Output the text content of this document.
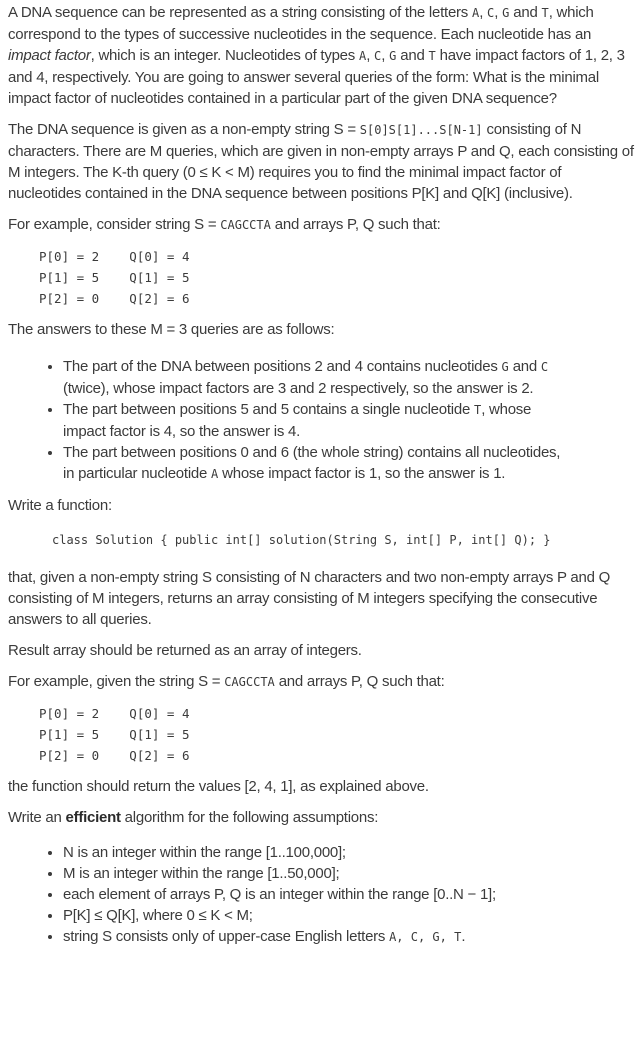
A DNA sequence can be represented as a string consisting of the letters A, C, G and T, which correspond to the types of successive nucleotides in the sequence. Each nucleotide has an impact factor, which is an integer. Nucleotides of types A, C, G and T have impact factors of 1, 2, 3 and 4, respectively. You are going to answer several queries of the form: What is the minimal impact factor of nucleotides contained in a particular part of the given DNA sequence?

The DNA sequence is given as a non-empty string S = S[0]S[1]...S[N-1] consisting of N characters. There are M queries, which are given in non-empty arrays P and Q, each consisting of M integers. The K-th query (0 ≤ K < M) requires you to find the minimal impact factor of nucleotides contained in the DNA sequence between positions P[K] and Q[K] (inclusive).

For example, consider string S = CAGCCTA and arrays P, Q such that:

P[0] = 2    Q[0] = 4
P[1] = 5    Q[1] = 5
P[2] = 0    Q[2] = 6

The answers to these M = 3 queries are as follows:

• The part of the DNA between positions 2 and 4 contains nucleotides G and C (twice), whose impact factors are 3 and 2 respectively, so the answer is 2.
• The part between positions 5 and 5 contains a single nucleotide T, whose impact factor is 4, so the answer is 4.
• The part between positions 0 and 6 (the whole string) contains all nucleotides, in particular nucleotide A whose impact factor is 1, so the answer is 1.

Write a function:

class Solution { public int[] solution(String S, int[] P, int[] Q); }

that, given a non-empty string S consisting of N characters and two non-empty arrays P and Q consisting of M integers, returns an array consisting of M integers specifying the consecutive answers to all queries.

Result array should be returned as an array of integers.

For example, given the string S = CAGCCTA and arrays P, Q such that:

P[0] = 2    Q[0] = 4
P[1] = 5    Q[1] = 5
P[2] = 0    Q[2] = 6

the function should return the values [2, 4, 1], as explained above.

Write an efficient algorithm for the following assumptions:

• N is an integer within the range [1..100,000];
• M is an integer within the range [1..50,000];
• each element of arrays P, Q is an integer within the range [0..N − 1];
• P[K] ≤ Q[K], where 0 ≤ K < M;
• string S consists only of upper-case English letters A, C, G, T.
